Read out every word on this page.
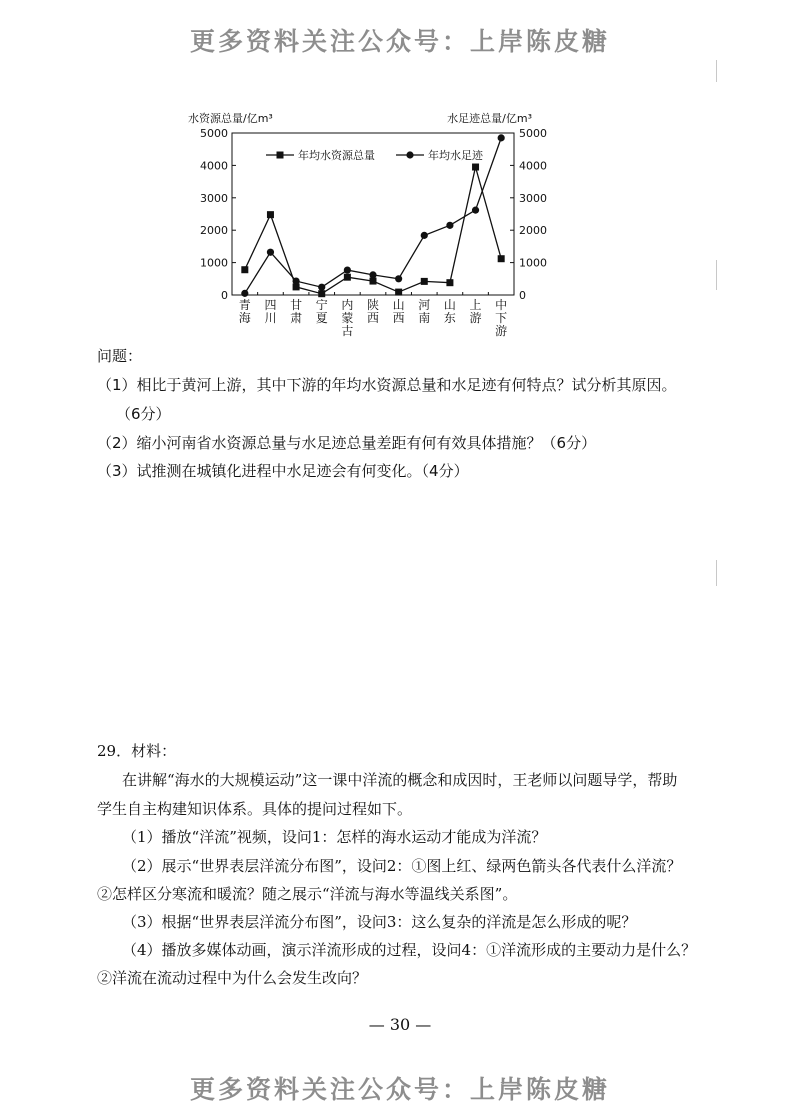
更多资料关注公众号：上岸陈皮糖
水资源总量/亿m³	水足迹总量/亿m³
年均水资源总量	年均水足迹
0
1000
2000
3000
4000
5000
0
1000
2000
3000
4000
5000
青
海
四
川
甘
肃
宁
夏
内
蒙
古
陕
西
山
西
河
南
山
东
上
游
中
下
游
问题：
（1）相比于黄河上游，其中下游的年均水资源总量和水足迹有何特点？试分析其原因。
（6分）
（2）缩小河南省水资源总量与水足迹总量差距有何有效具体措施？（6分）
（3）试推测在城镇化进程中水足迹会有何变化。（4分）
29．材料：
在讲解“海水的大规模运动”这一课中洋流的概念和成因时，王老师以问题导学，帮助
学生自主构建知识体系。具体的提问过程如下。
（1）播放“洋流”视频，设问1：怎样的海水运动才能成为洋流？
（2）展示“世界表层洋流分布图”，设问2：①图上红、绿两色箭头各代表什么洋流？
②怎样区分寒流和暖流？随之展示“洋流与海水等温线关系图”。
（3）根据“世界表层洋流分布图”，设问3：这么复杂的洋流是怎么形成的呢？
（4）播放多媒体动画，演示洋流形成的过程，设问4：①洋流形成的主要动力是什么？
②洋流在流动过程中为什么会发生改向？
— 30 —
更多资料关注公众号：上岸陈皮糖
